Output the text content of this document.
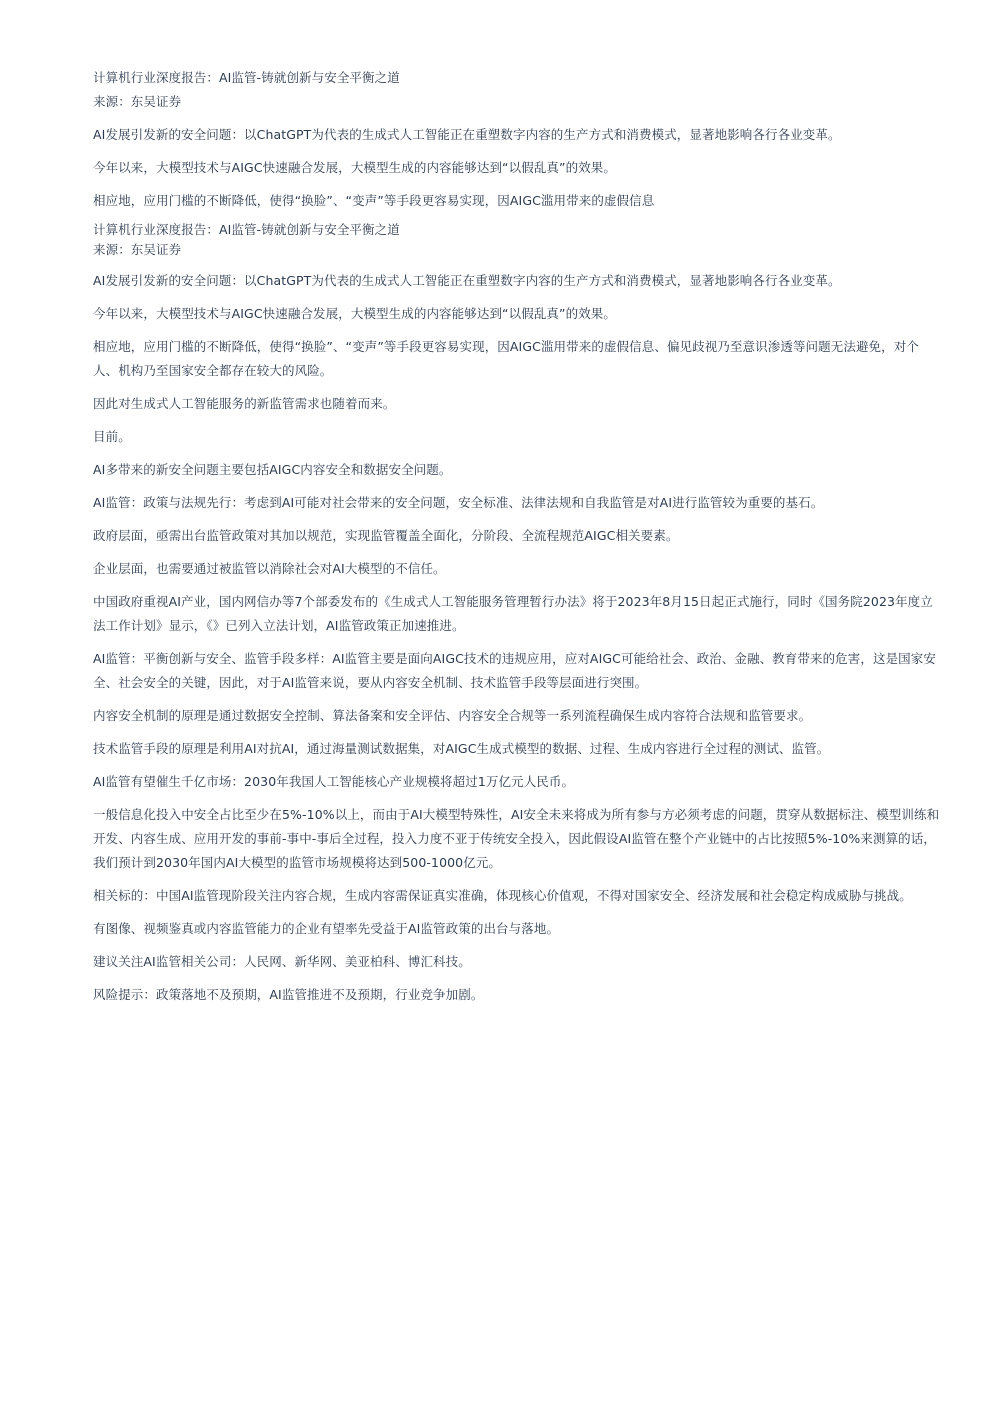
计算机行业深度报告：AI监管-铸就创新与安全平衡之道

来源：东吴证券

AI发展引发新的安全问题：以ChatGPT为代表的生成式人工智能正在重塑数字内容的生产方式和消费模式，显著地影响各行各业变革。

今年以来，大模型技术与AIGC快速融合发展，大模型生成的内容能够达到“以假乱真”的效果。

相应地，应用门槛的不断降低，使得“换脸”、“变声”等手段更容易实现，因AIGC滥用带来的虚假信息

计算机行业深度报告：AI监管-铸就创新与安全平衡之道

来源：东吴证券

AI发展引发新的安全问题：以ChatGPT为代表的生成式人工智能正在重塑数字内容的生产方式和消费模式，显著地影响各行各业变革。

今年以来，大模型技术与AIGC快速融合发展，大模型生成的内容能够达到“以假乱真”的效果。

相应地，应用门槛的不断降低，使得“换脸”、“变声”等手段更容易实现，因AIGC滥用带来的虚假信息、偏见歧视乃至意识渗透等问题无法避免，对个人、机构乃至国家安全都存在较大的风险。

因此对生成式人工智能服务的新监管需求也随着而来。

目前。

AI多带来的新安全问题主要包括AIGC内容安全和数据安全问题。

AI监管：政策与法规先行：考虑到AI可能对社会带来的安全问题，安全标准、法律法规和自我监管是对AI进行监管较为重要的基石。

政府层面，亟需出台监管政策对其加以规范，实现监管覆盖全面化，分阶段、全流程规范AIGC相关要素。

企业层面，也需要通过被监管以消除社会对AI大模型的不信任。

中国政府重视AI产业，国内网信办等7个部委发布的《生成式人工智能服务管理暂行办法》将于2023年8月15日起正式施行，同时《国务院2023年度立法工作计划》显示，《》已列入立法计划，AI监管政策正加速推进。

AI监管：平衡创新与安全、监管手段多样：AI监管主要是面向AIGC技术的违规应用，应对AIGC可能给社会、政治、金融、教育带来的危害，这是国家安全、社会安全的关键，因此，对于AI监管来说，要从内容安全机制、技术监管手段等层面进行突围。

内容安全机制的原理是通过数据安全控制、算法备案和安全评估、内容安全合规等一系列流程确保生成内容符合法规和监管要求。

技术监管手段的原理是利用AI对抗AI，通过海量测试数据集，对AIGC生成式模型的数据、过程、生成内容进行全过程的测试、监管。

AI监管有望催生千亿市场：2030年我国人工智能核心产业规模将超过1万亿元人民币。

一般信息化投入中安全占比至少在5%-10%以上，而由于AI大模型特殊性，AI安全未来将成为所有参与方必须考虑的问题，贯穿从数据标注、模型训练和开发、内容生成、应用开发的事前-事中-事后全过程，投入力度不亚于传统安全投入，因此假设AI监管在整个产业链中的占比按照5%-10%来测算的话，我们预计到2030年国内AI大模型的监管市场规模将达到500-1000亿元。

相关标的：中国AI监管现阶段关注内容合规，生成内容需保证真实准确，体现核心价值观，不得对国家安全、经济发展和社会稳定构成威胁与挑战。

有图像、视频鉴真或内容监管能力的企业有望率先受益于AI监管政策的出台与落地。

建议关注AI监管相关公司：人民网、新华网、美亚柏科、博汇科技。

风险提示：政策落地不及预期，AI监管推进不及预期，行业竞争加剧。
